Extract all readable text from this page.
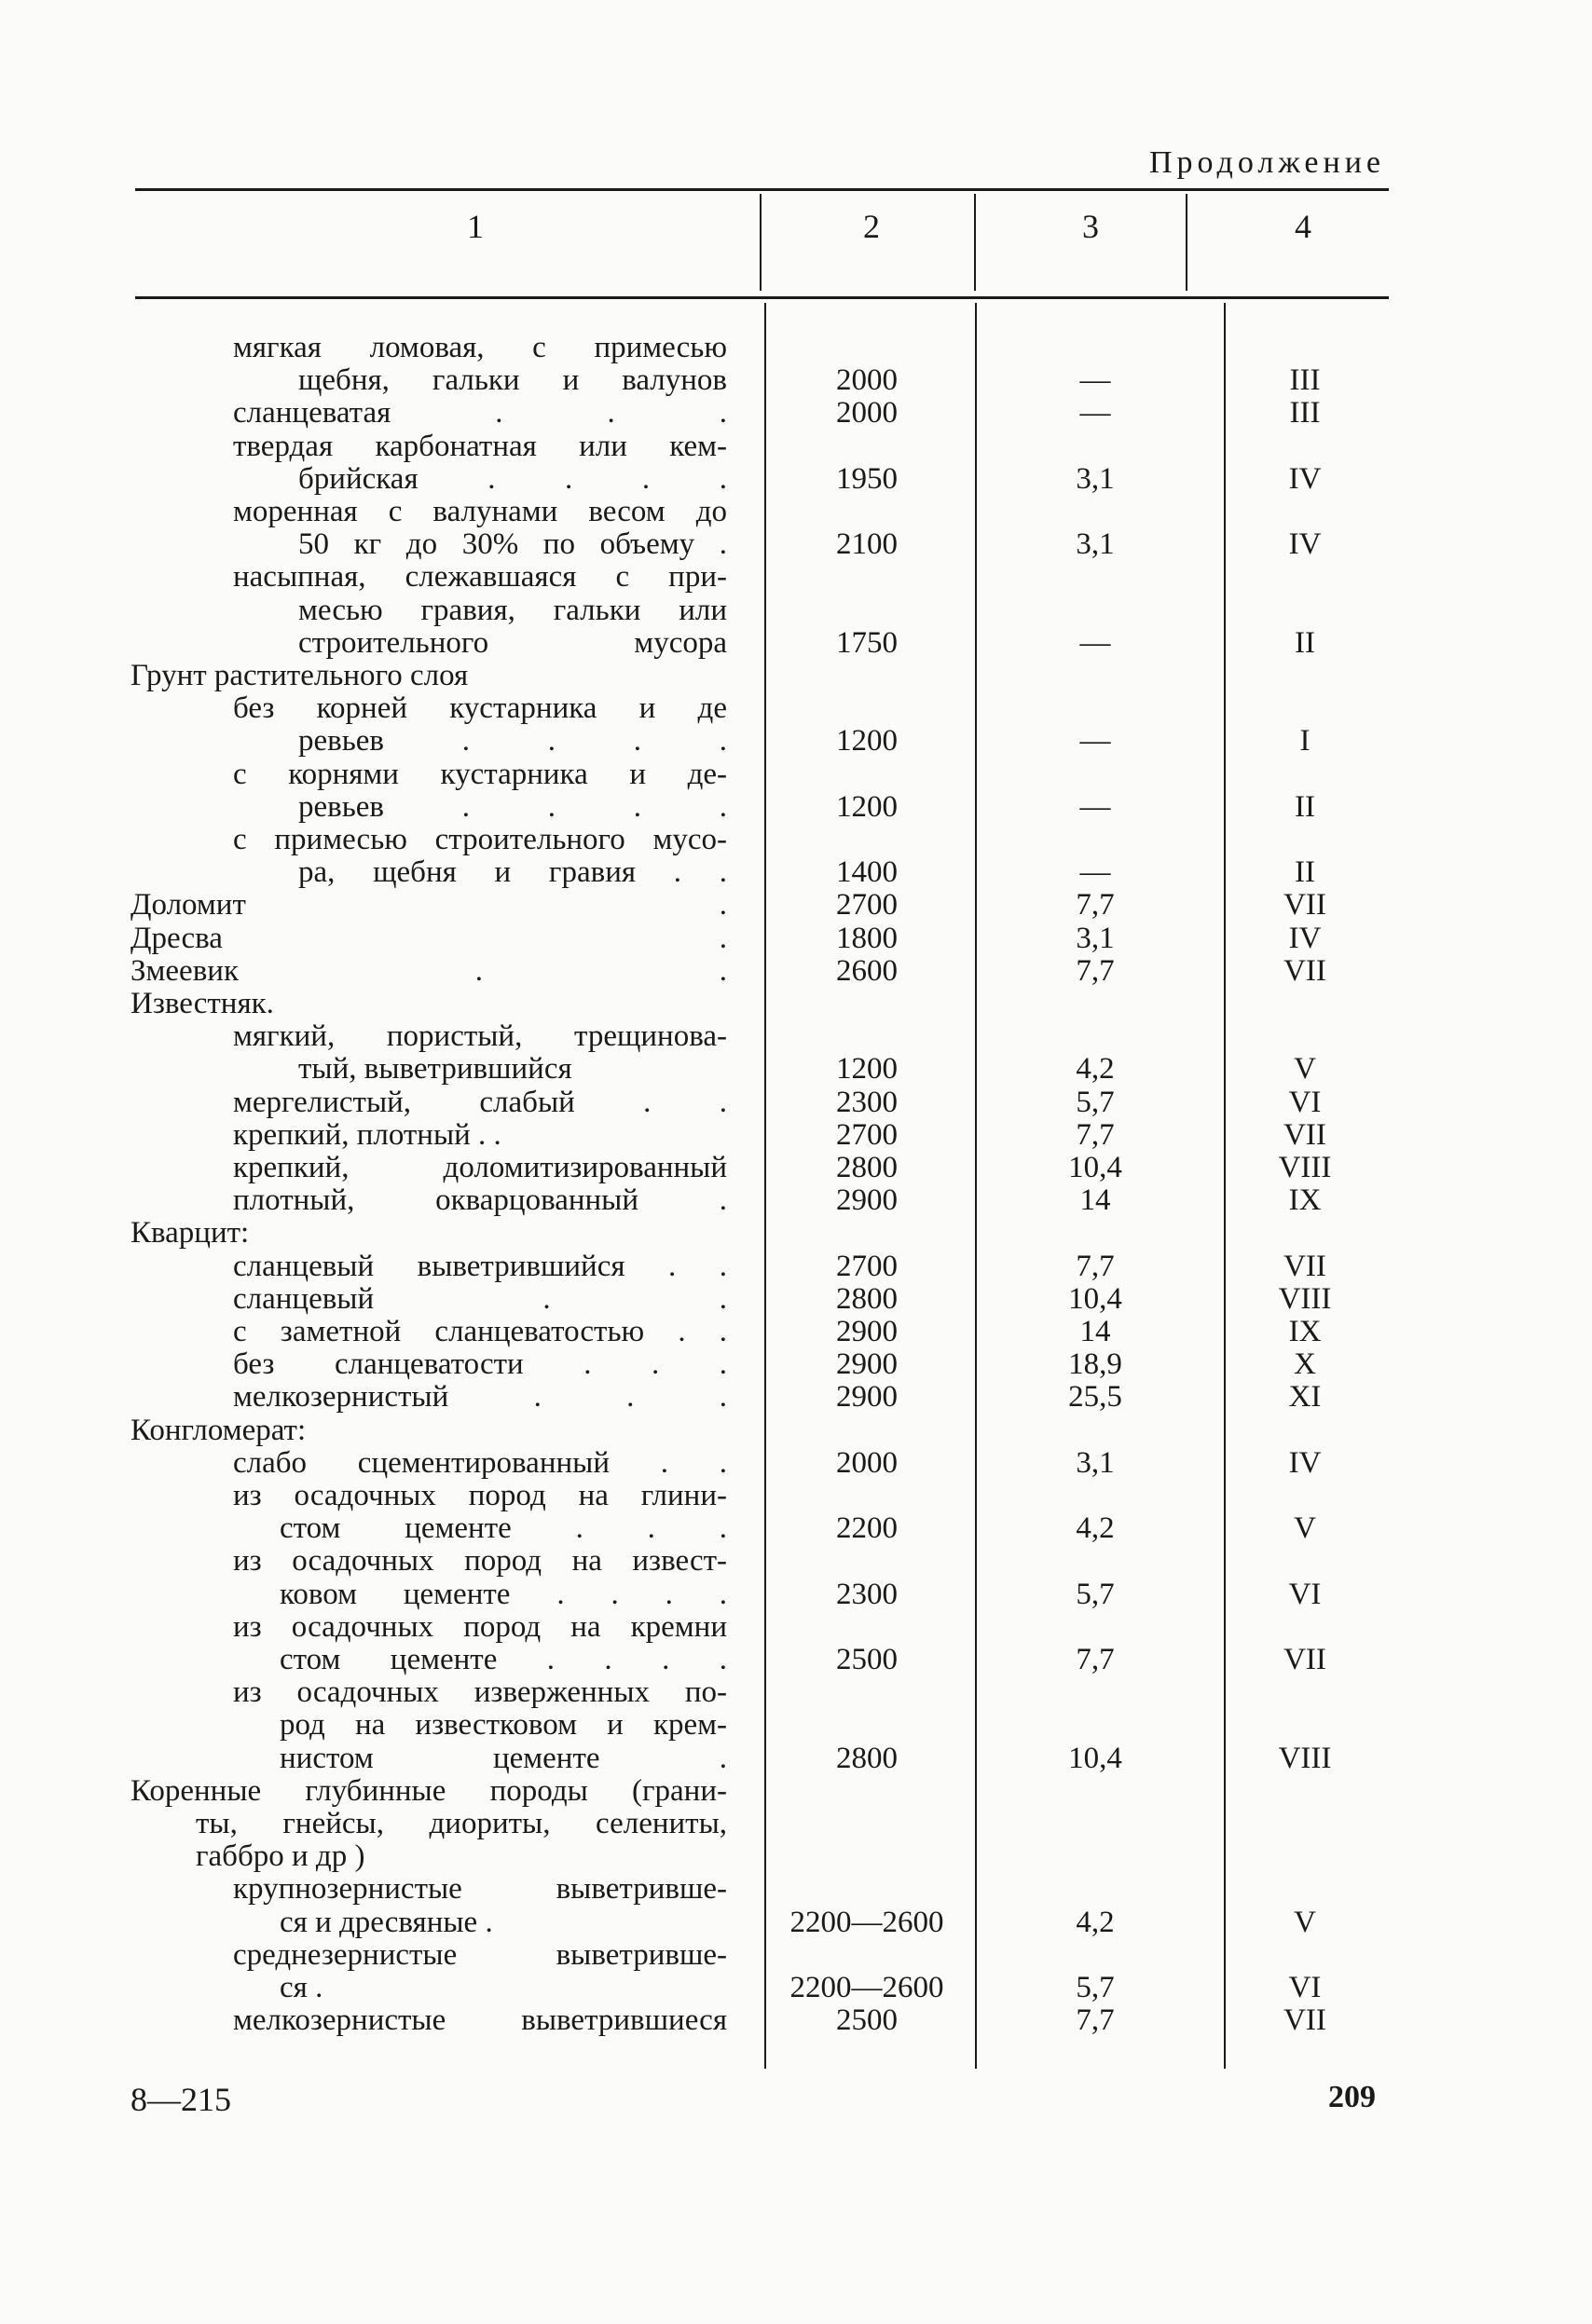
Продолжение
1	2	3	4
мягкая ломовая, с примесью
щебня, гальки и валунов	2000	—	III
сланцеватая . . .	2000	—	III
твердая карбонатная или кем-
брийская . . . .	1950	3,1	IV
моренная с валунами весом до
50 кг до 30% по объему .	2100	3,1	IV
насыпная, слежавшаяся с при-
месью гравия, гальки или
строительного мусора	1750	—	II
Грунт растительного слоя
без корней кустарника и де
ревьев . . . .	1200	—	I
с корнями кустарника и де-
ревьев . . . .	1200	—	II
с примесью строительного мусо-
ра, щебня и гравия . .	1400	—	II
Доломит .	2700	7,7	VII
Дресва .	1800	3,1	IV
Змеевик . .	2600	7,7	VII
Известняк.
мягкий, пористый, трещинова-
тый, выветрившийся	1200	4,2	V
мергелистый, слабый . .	2300	5,7	VI
крепкий, плотный . .	2700	7,7	VII
крепкий, доломитизированный	2800	10,4	VIII
плотный, окварцованный .	2900	14	IX
Кварцит:
сланцевый выветрившийся . .	2700	7,7	VII
сланцевый . .	2800	10,4	VIII
с заметной сланцеватостью . .	2900	14	IX
без сланцеватости . . .	2900	18,9	X
мелкозернистый . . .	2900	25,5	XI
Конгломерат:
слабо сцементированный . .	2000	3,1	IV
из осадочных пород на глини-
стом цементе . . .	2200	4,2	V
из осадочных пород на извест-
ковом цементе . . . .	2300	5,7	VI
из осадочных пород на кремни
стом цементе . . . .	2500	7,7	VII
из осадочных изверженных по-
род на известковом и крем-
нистом цементе .	2800	10,4	VIII
Коренные глубинные породы (грани-
ты, гнейсы, диориты, селениты,
габбро и др )
крупнозернистые выветривше-
ся и дресвяные .	2200—2600	4,2	V
среднезернистые выветривше-
ся .	2200—2600	5,7	VI
мелкозернистые выветрившиеся	2500	7,7	VII
8—215	209
